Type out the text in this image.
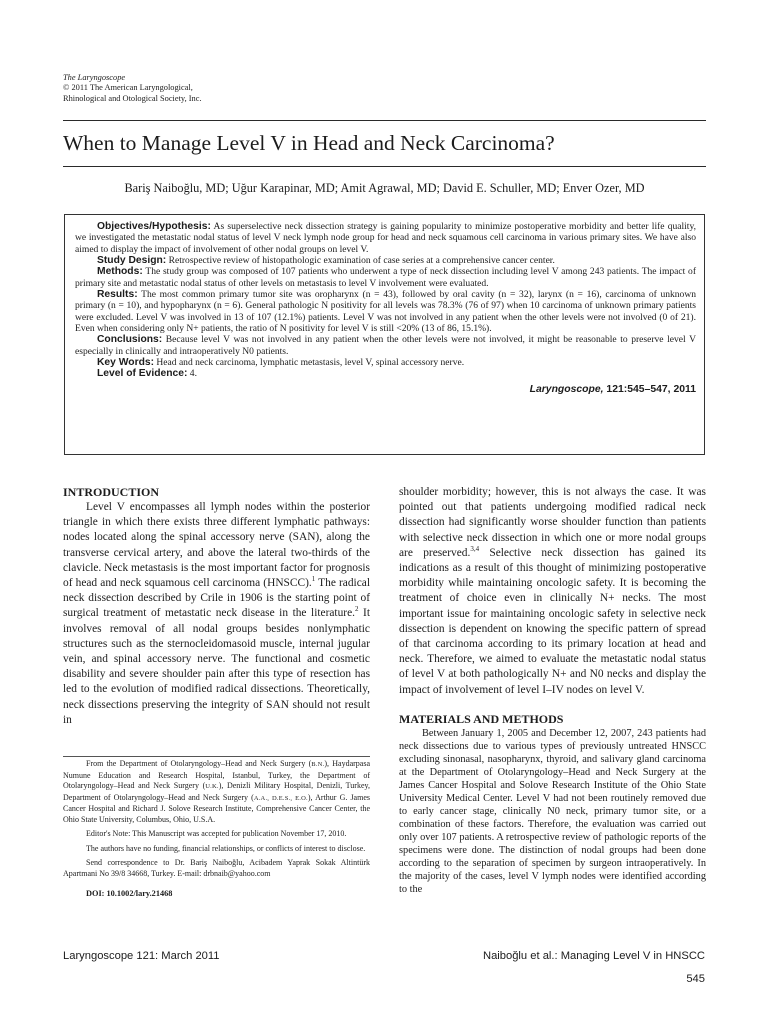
The Laryngoscope
© 2011 The American Laryngological,
Rhinological and Otological Society, Inc.
When to Manage Level V in Head and Neck Carcinoma?
Bariş Naiboğlu, MD; Uğur Karapinar, MD; Amit Agrawal, MD; David E. Schuller, MD; Enver Ozer, MD

Objectives/Hypothesis: As superselective neck dissection strategy is gaining popularity to minimize postoperative morbidity and better life quality, we investigated the metastatic nodal status of level V neck lymph node group for head and neck squamous cell carcinoma in various primary sites. We have also aimed to display the impact of involvement of other nodal groups on level V.

Study Design: Retrospective review of histopathologic examination of case series at a comprehensive cancer center.

Methods: The study group was composed of 107 patients who underwent a type of neck dissection including level V among 243 patients. The impact of primary site and metastatic nodal status of other levels on metastasis to level V involvement were evaluated.

Results: The most common primary tumor site was oropharynx (n = 43), followed by oral cavity (n = 32), larynx (n = 16), carcinoma of unknown primary (n = 10), and hypopharynx (n = 6). General pathologic N positivity for all levels was 78.3% (76 of 97) when 10 carcinoma of unknown primary patients were excluded. Level V was involved in 13 of 107 (12.1%) patients. Level V was not involved in any patient when the other levels were not involved (0 of 21). Even when considering only N+ patients, the ratio of N positivity for level V is still <20% (13 of 86, 15.1%).

Conclusions: Because level V was not involved in any patient when the other levels were not involved, it might be reasonable to preserve level V especially in clinically and intraoperatively N0 patients.

Key Words: Head and neck carcinoma, lymphatic metastasis, level V, spinal accessory nerve.

Level of Evidence: 4.

Laryngoscope, 121:545–547, 2011
INTRODUCTION

Level V encompasses all lymph nodes within the posterior triangle in which there exists three different lymphatic pathways: nodes located along the spinal accessory nerve (SAN), along the transverse cervical artery, and above the lateral two-thirds of the clavicle. Neck metastasis is the most important factor for prognosis of head and neck squamous cell carcinoma (HNSCC).$^1$ The radical neck dissection described by Crile in 1906 is the starting point of surgical treatment of metastatic neck disease in the literature.$^2$ It involves removal of all nodal groups besides nonlymphatic structures such as the sternocleidomasoid muscle, internal jugular vein, and spinal accessory nerve. The functional and cosmetic disability and severe shoulder pain after this type of resection has led to the evolution of modified radical dissections. Theoretically, neck dissections preserving the integrity of SAN should not result in

From the Department of Otolaryngology–Head and Neck Surgery (B.N.), Haydarpasa Numune Education and Research Hospital, Istanbul, Turkey, the Department of Otolaryngology–Head and Neck Surgery (U.K.), Denizli Military Hospital, Denizli, Turkey, Department of Otolaryngology–Head and Neck Surgery (A.A., D.E.S., E.O.), Arthur G. James Cancer Hospital and Richard J. Solove Research Institute, Comprehensive Cancer Center, the Ohio State University, Columbus, Ohio, U.S.A.

Editor's Note: This Manuscript was accepted for publication November 17, 2010.

The authors have no funding, financial relationships, or conflicts of interest to disclose.

Send correspondence to Dr. Bariş Naiboğlu, Acibadem Yaprak Sokak Altintürk Apartmani No 39/8 34668, Turkey. E-mail: drbnaib@yahoo.com

DOI: 10.1002/lary.21468

shoulder morbidity; however, this is not always the case. It was pointed out that patients undergoing modified radical neck dissection had significantly worse shoulder function than patients with selective neck dissection in which one or more nodal groups are preserved.$^{3,4}$ Selective neck dissection has gained its indications as a result of this thought of minimizing postoperative morbidity while maintaining oncologic safety. It is becoming the treatment of choice even in clinically N+ necks. The most important issue for maintaining oncologic safety in selective neck dissection is dependent on knowing the specific pattern of spread of that carcinoma according to its primary location at head and neck. Therefore, we aimed to evaluate the metastatic nodal status of level V at both pathologically N+ and N0 necks and display the impact of involvement of level I–IV nodes on level V.

MATERIALS AND METHODS

Between January 1, 2005 and December 12, 2007, 243 patients had neck dissections due to various types of previously untreated HNSCC excluding sinonasal, nasopharynx, thyroid, and salivary gland carcinoma at the Department of Otolaryngology–Head and Neck Surgery at the James Cancer Hospital and Solove Research Institute of the Ohio State University Medical Center. Level V had not been routinely removed due to early cancer stage, clinically N0 neck, primary tumor site, or a combination of these factors. Therefore, the evaluation was carried out only over 107 patients. A retrospective review of pathologic reports of the specimens were done. The distinction of nodal groups had been done according to the separation of specimen by surgeon intraoperatively. In the majority of the cases, level V lymph nodes were identified according to the

Laryngoscope 121: March 2011	Naiboğlu et al.: Managing Level V in HNSCC
545
